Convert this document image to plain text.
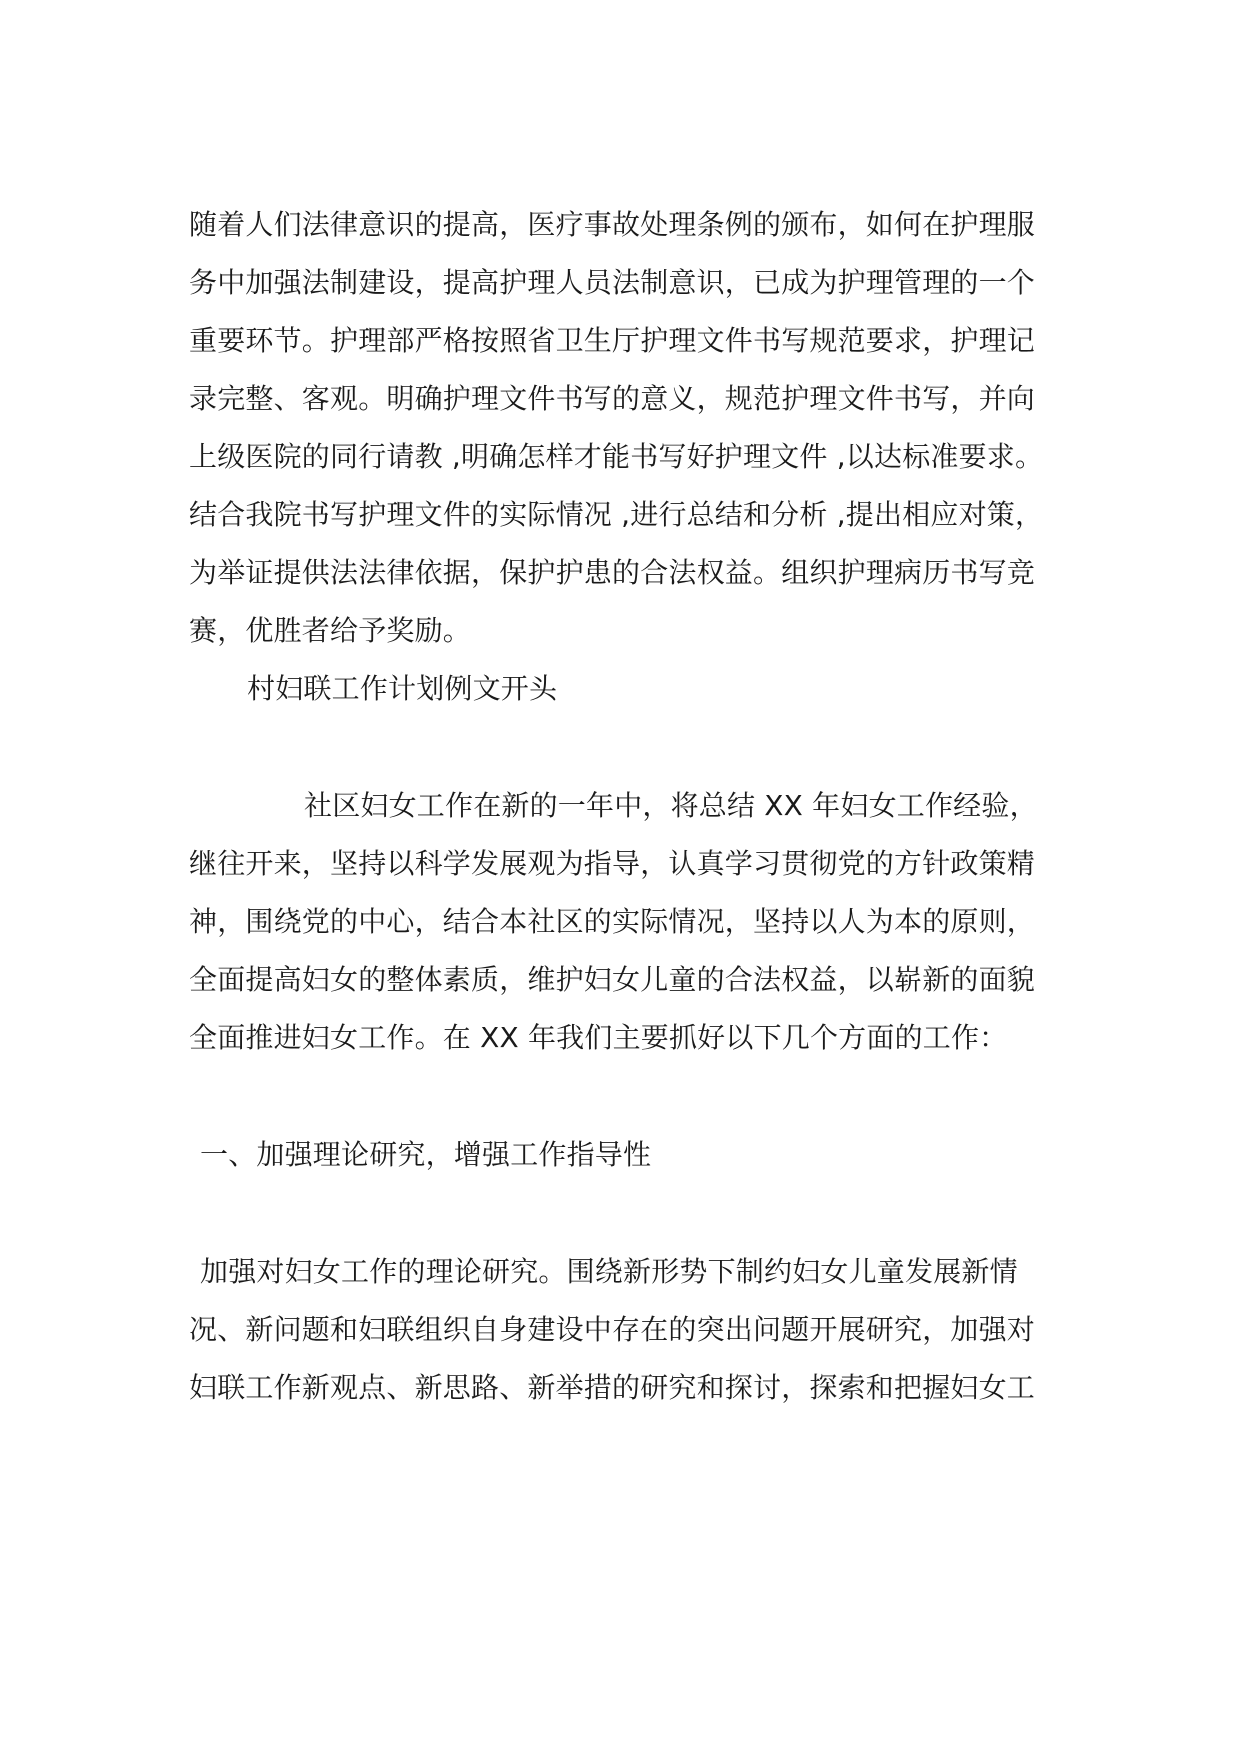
随着人们法律意识的提高，医疗事故处理条例的颁布，如何在护理服
务中加强法制建设，提高护理人员法制意识，已成为护理管理的一个
重要环节。护理部严格按照省卫生厅护理文件书写规范要求，护理记
录完整、客观。明确护理文件书写的意义，规范护理文件书写，并向
上级医院的同行请教 ,明确怎样才能书写好护理文件 ,以达标准要求。
结合我院书写护理文件的实际情况 ,进行总结和分析 ,提出相应对策，
为举证提供法法律依据，保护护患的合法权益。组织护理病历书写竞
赛，优胜者给予奖励。
村妇联工作计划例文开头
社区妇女工作在新的一年中，将总结 XX 年妇女工作经验，
继往开来，坚持以科学发展观为指导，认真学习贯彻党的方针政策精
神，围绕党的中心，结合本社区的实际情况，坚持以人为本的原则，
全面提高妇女的整体素质，维护妇女儿童的合法权益，以崭新的面貌
全面推进妇女工作。在 XX 年我们主要抓好以下几个方面的工作：
一、加强理论研究，增强工作指导性
加强对妇女工作的理论研究。围绕新形势下制约妇女儿童发展新情
况、新问题和妇联组织自身建设中存在的突出问题开展研究，加强对
妇联工作新观点、新思路、新举措的研究和探讨，探索和把握妇女工
